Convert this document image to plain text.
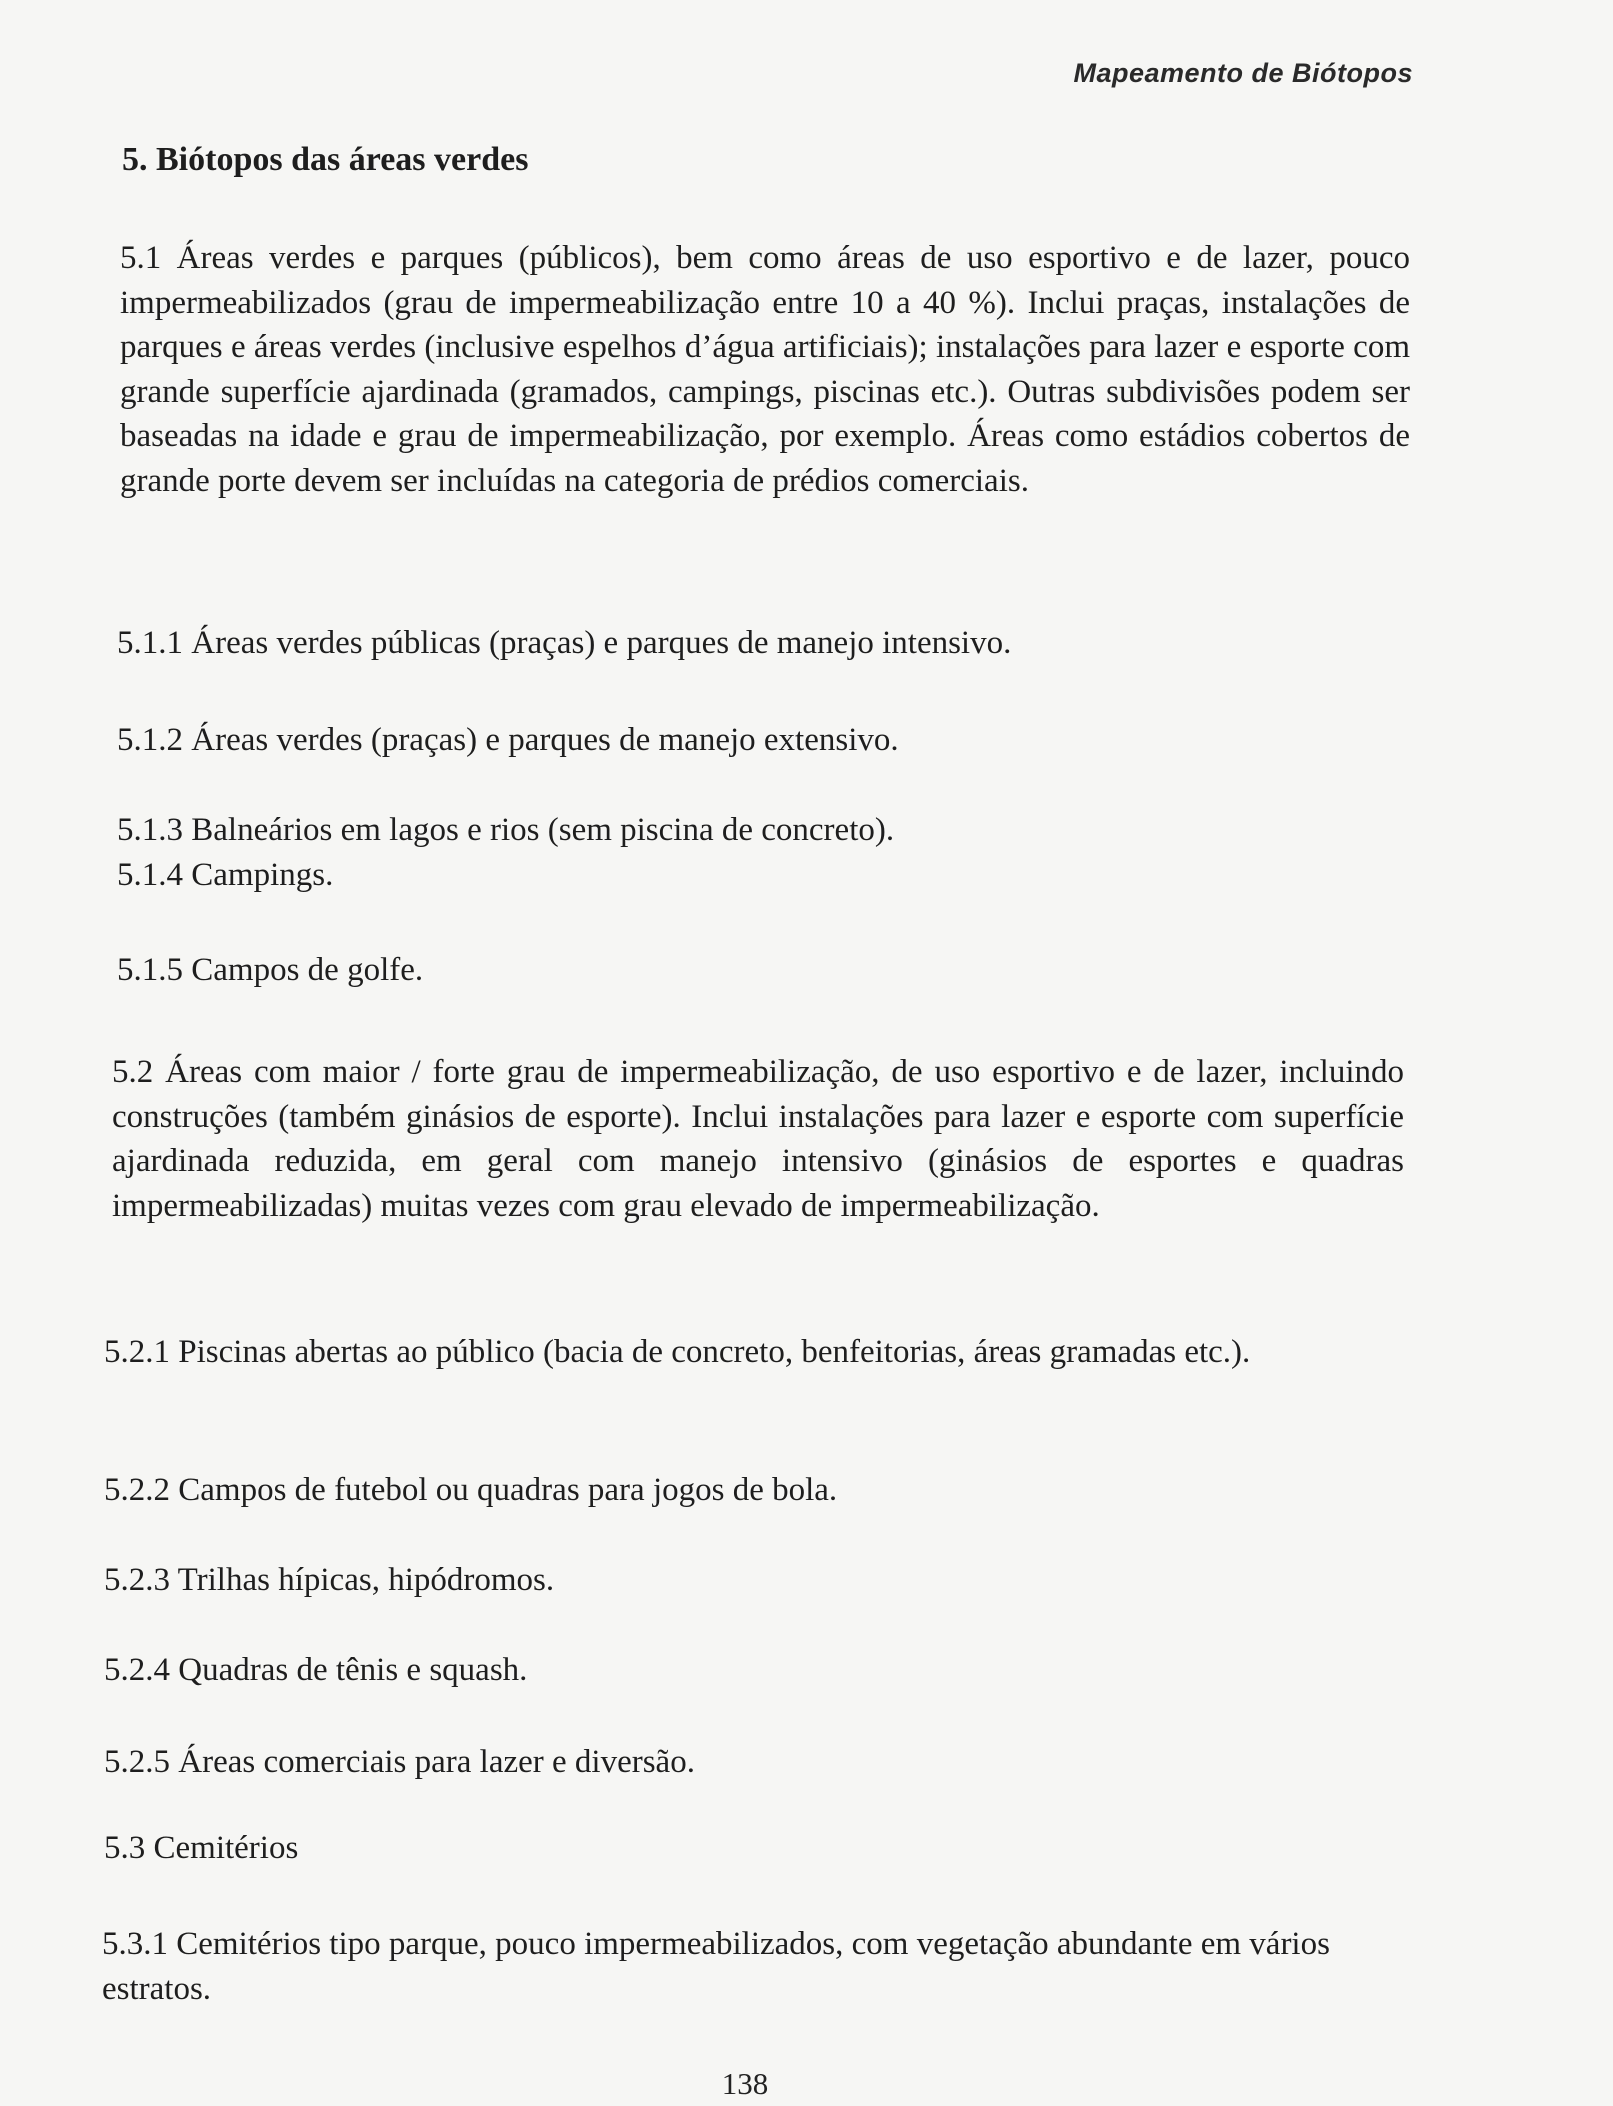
Mapeamento de Biótopos
5. Biótopos das áreas verdes
5.1 Áreas verdes e parques (públicos), bem como áreas de uso esportivo e de lazer, pouco impermeabilizados (grau de impermeabilização entre 10 a 40 %). Inclui praças, instalações de parques e áreas verdes (inclusive espelhos d’água artificiais); instalações para lazer e esporte com grande superfície ajardinada (gramados, campings, piscinas etc.). Outras subdivisões podem ser baseadas na idade e grau de impermeabilização, por exemplo. Áreas como estádios cobertos de grande porte devem ser incluídas na categoria de prédios comerciais.
5.1.1 Áreas verdes públicas (praças) e parques de manejo intensivo.
5.1.2 Áreas verdes (praças) e parques de manejo extensivo.
5.1.3 Balneários em lagos e rios (sem piscina de concreto).
5.1.4 Campings.
5.1.5 Campos de golfe.
5.2 Áreas com maior / forte grau de impermeabilização, de uso esportivo e de lazer, incluindo construções (também ginásios de esporte). Inclui instalações para lazer e esporte com superfície ajardinada reduzida, em geral com manejo intensivo (ginásios de esportes e quadras impermeabilizadas) muitas vezes com grau elevado de impermeabilização.
5.2.1 Piscinas abertas ao público (bacia de concreto, benfeitorias, áreas gramadas etc.).
5.2.2 Campos de futebol ou quadras para jogos de bola.
5.2.3 Trilhas hípicas, hipódromos.
5.2.4 Quadras de tênis e squash.
5.2.5 Áreas comerciais para lazer e diversão.
5.3 Cemitérios
5.3.1 Cemitérios tipo parque, pouco impermeabilizados, com vegetação abundante em vários estratos.
138
